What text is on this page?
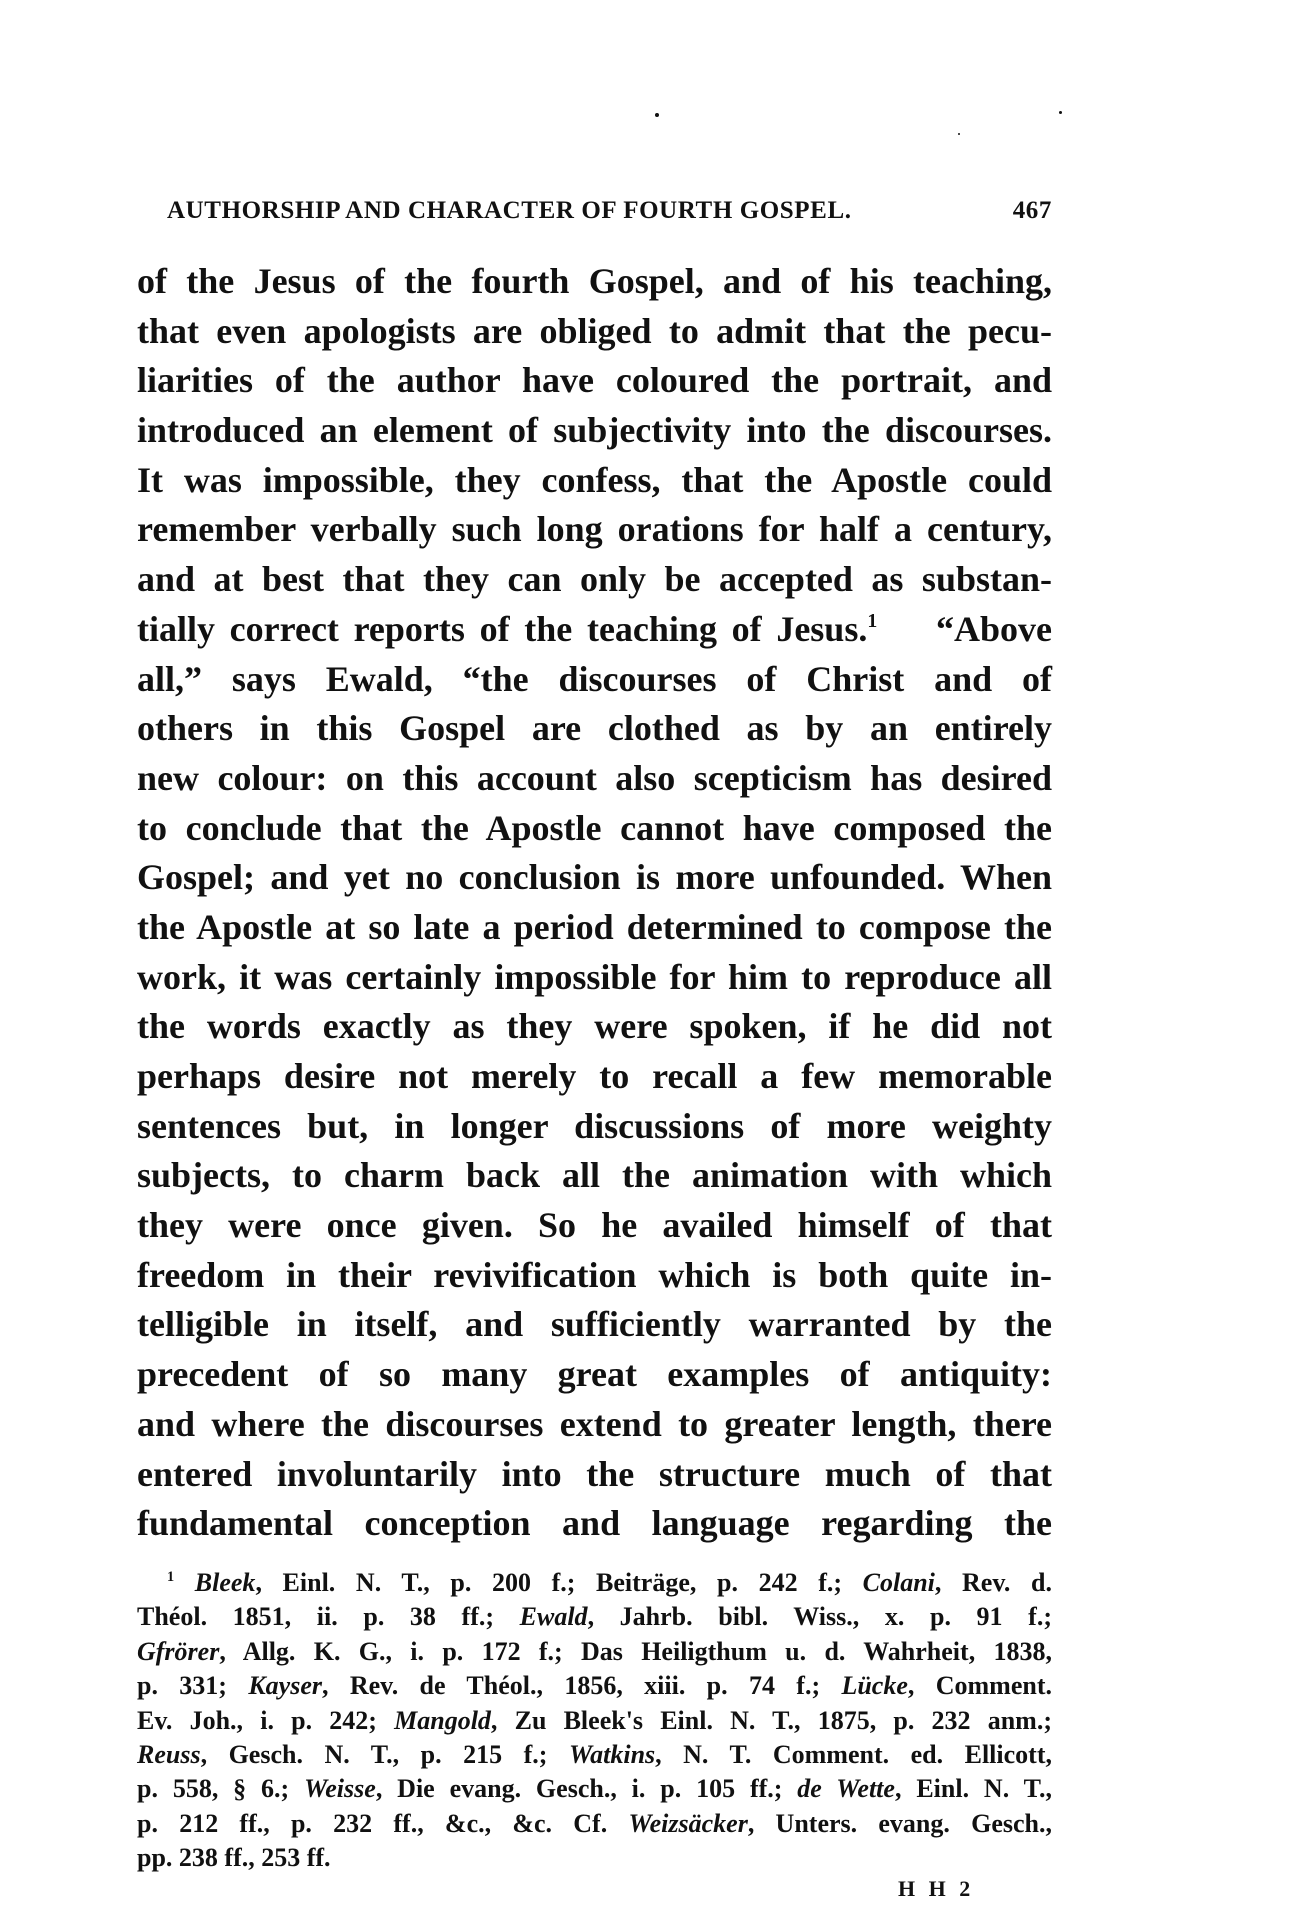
AUTHORSHIP AND CHARACTER OF FOURTH GOSPEL.	467
of the Jesus of the fourth Gospel, and of his teaching,
that even apologists are obliged to admit that the pecu-
liarities of the author have coloured the portrait, and
introduced an element of subjectivity into the discourses.
It was impossible, they confess, that the Apostle could
remember verbally such long orations for half a century,
and at best that they can only be accepted as substan-
tially correct reports of the teaching of Jesus.$^1$    “Above
all,” says Ewald, “the discourses of Christ and of
others in this Gospel are clothed as by an entirely
new colour: on this account also scepticism has desired
to conclude that the Apostle cannot have composed the
Gospel; and yet no conclusion is more unfounded. When
the Apostle at so late a period determined to compose the
work, it was certainly impossible for him to reproduce all
the words exactly as they were spoken, if he did not
perhaps desire not merely to recall a few memorable
sentences but, in longer discussions of more weighty
subjects, to charm back all the animation with which
they were once given. So he availed himself of that
freedom in their revivification which is both quite in-
telligible in itself, and sufficiently warranted by the
precedent of so many great examples of antiquity:
and where the discourses extend to greater length, there
entered involuntarily into the structure much of that
fundamental conception and language regarding the
$^1$ Bleek, Einl. N. T., p. 200 f.; Beiträge, p. 242 f.; Colani, Rev. d.
Théol. 1851, ii. p. 38 ff.; Ewald, Jahrb. bibl. Wiss., x. p. 91 f.;
Gfrörer, Allg. K. G., i. p. 172 f.; Das Heiligthum u. d. Wahrheit, 1838,
p. 331; Kayser, Rev. de Théol., 1856, xiii. p. 74 f.; Lücke, Comment.
Ev. Joh., i. p. 242; Mangold, Zu Bleek's Einl. N. T., 1875, p. 232 anm.;
Reuss, Gesch. N. T., p. 215 f.; Watkins, N. T. Comment. ed. Ellicott,
p. 558, § 6.; Weisse, Die evang. Gesch., i. p. 105 ff.; de Wette, Einl. N. T.,
p. 212 ff., p. 232 ff., &c., &c. Cf. Weizsäcker, Unters. evang. Gesch.,
pp. 238 ff., 253 ff.
H H 2
